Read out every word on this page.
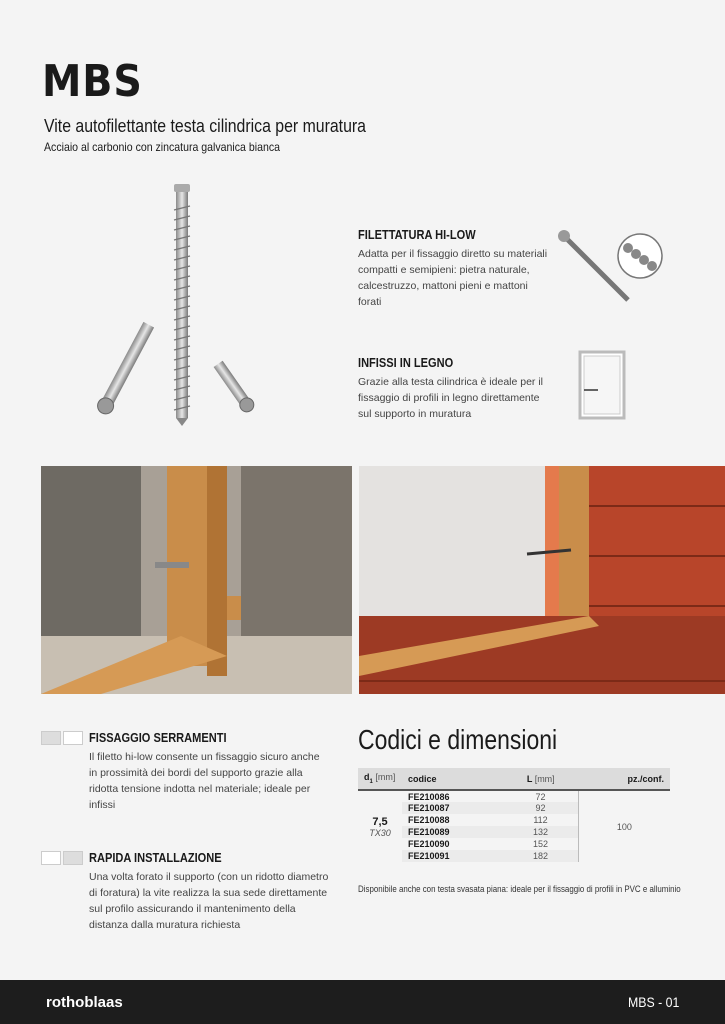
MBS
Vite autofilettante testa cilindrica per muratura
Acciaio al carbonio con zincatura galvanica bianca
FILETTATURA HI-LOW
Adatta per il fissaggio diretto su materiali compatti e semipieni: pietra naturale, calcestruzzo, mattoni pieni e mattoni forati
INFISSI IN LEGNO
Grazie alla testa cilindrica è ideale per il fissaggio di profili in legno direttamente sul supporto in muratura
FISSAGGIO SERRAMENTI
Il filetto hi-low consente un fissaggio sicuro anche in prossimità dei bordi del supporto grazie alla ridotta tensione indotta nel materiale; ideale per infissi
RAPIDA INSTALLAZIONE
Una volta forato il supporto (con un ridotto diametro di foratura) la vite realizza la sua sede direttamente sul profilo assicurando il mantenimento della distanza dalla muratura richiesta
Codici e dimensioni
$d_1$ [mm]	codice	L [mm]	pz./conf.

7,5
TX30	FE210086	72	100
	FE210087	92	
	FE210088	112	
	FE210089	132	
	FE210090	152	
	FE210091	182	
Disponibile anche con testa svasata piana: ideale per il fissaggio di profili in PVC e alluminio
rothoblaas	MBS - 01
